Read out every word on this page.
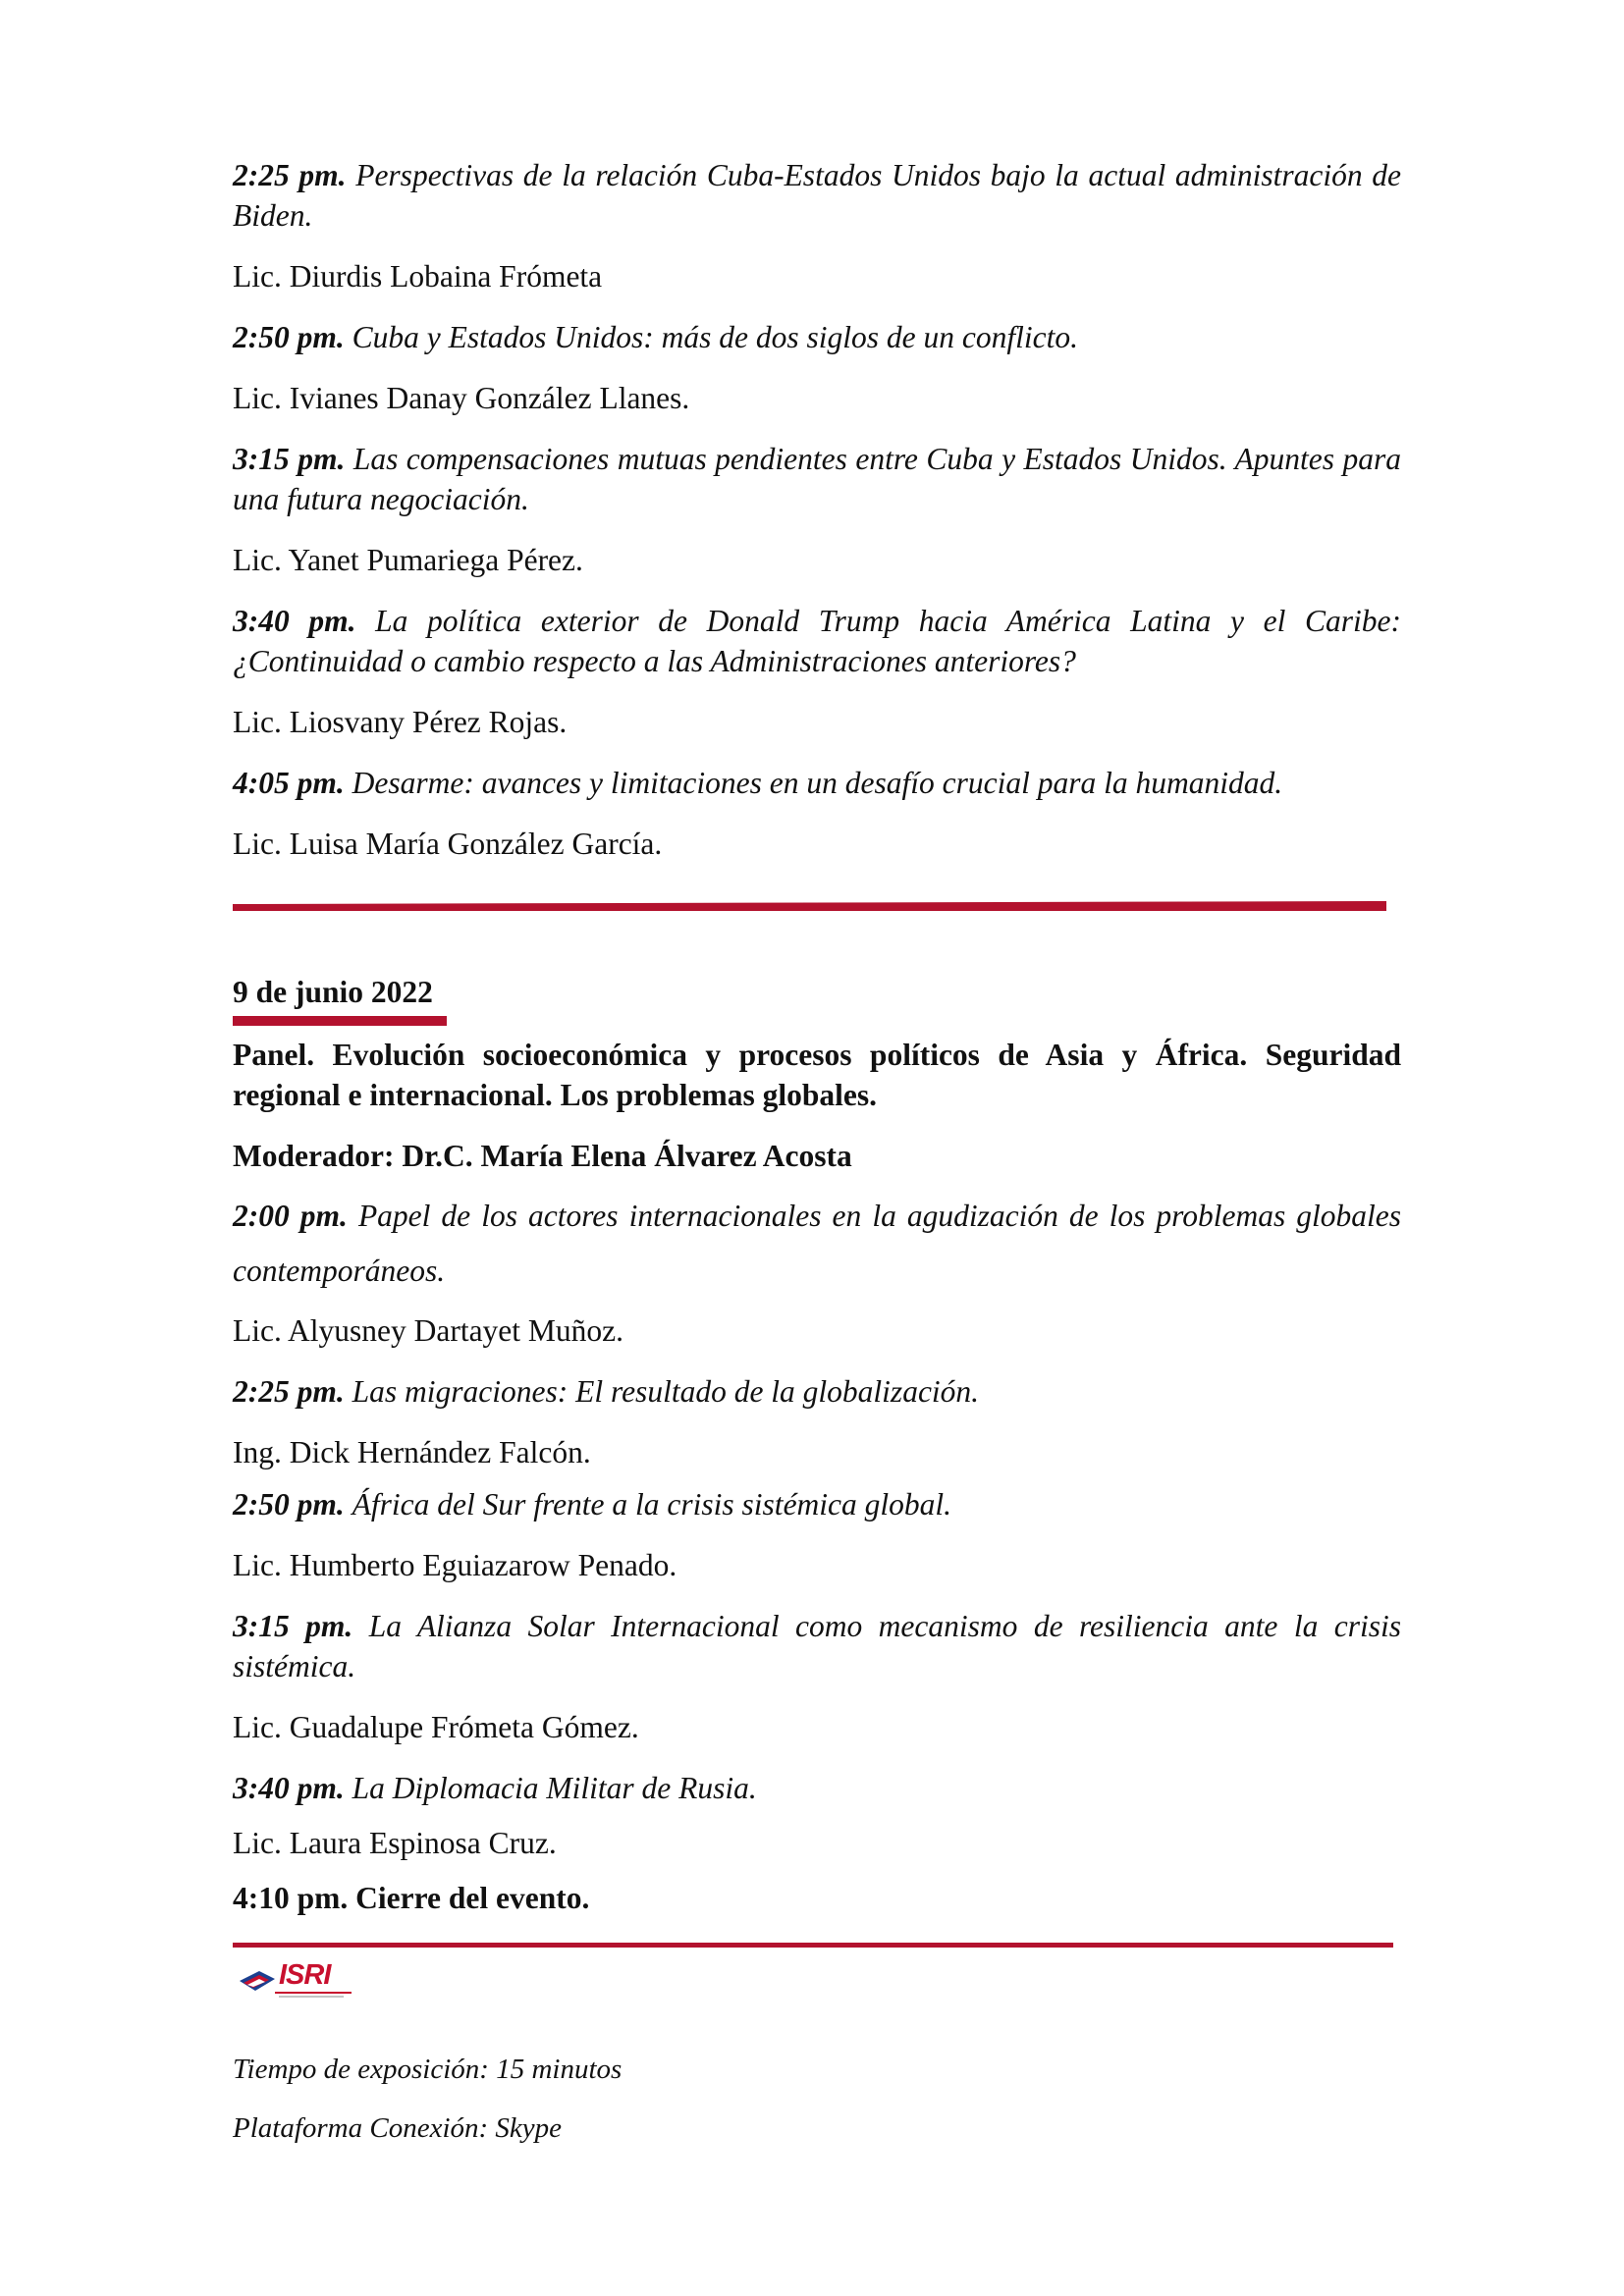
2:25 pm. Perspectivas de la relación Cuba-Estados Unidos bajo la actual administración de Biden.

Lic. Diurdis Lobaina Frómeta

2:50 pm. Cuba y Estados Unidos: más de dos siglos de un conflicto.

Lic. Ivianes Danay González Llanes.

3:15 pm. Las compensaciones mutuas pendientes entre Cuba y Estados Unidos. Apuntes para una futura negociación.

Lic. Yanet Pumariega Pérez.

3:40 pm. La política exterior de Donald Trump hacia América Latina y el Caribe: ¿Continuidad o cambio respecto a las Administraciones anteriores?

Lic. Liosvany Pérez Rojas.

4:05 pm. Desarme: avances y limitaciones en un desafío crucial para la humanidad.

Lic. Luisa María González García.

9 de junio 2022

Panel. Evolución socioeconómica y procesos políticos de Asia y África. Seguridad regional e internacional. Los problemas globales.

Moderador: Dr.C. María Elena Álvarez Acosta

2:00 pm. Papel de los actores internacionales en la agudización de los problemas globales contemporáneos.

Lic. Alyusney Dartayet Muñoz.

2:25 pm. Las migraciones: El resultado de la globalización.

Ing. Dick Hernández Falcón.

2:50 pm. África del Sur frente a la crisis sistémica global.

Lic. Humberto Eguiazarow Penado.

3:15 pm. La Alianza Solar Internacional como mecanismo de resiliencia ante la crisis sistémica.

Lic. Guadalupe Frómeta Gómez.

3:40 pm. La Diplomacia Militar de Rusia.

Lic. Laura Espinosa Cruz.

4:10 pm. Cierre del evento.

ISRI

Tiempo de exposición: 15 minutos

Plataforma Conexión: Skype
